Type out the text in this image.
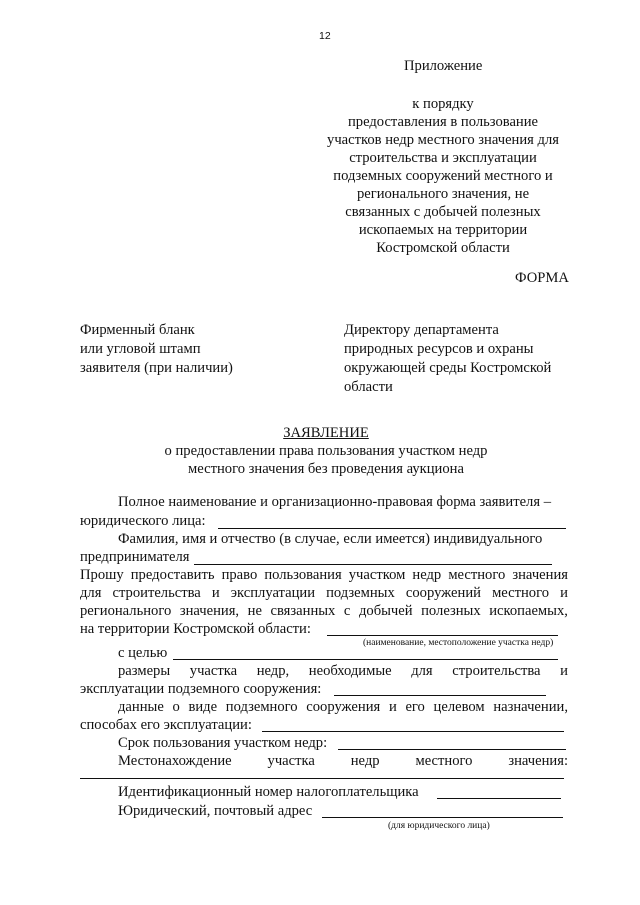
12
Приложение
к порядку
предоставления в пользование
участков недр местного значения для
строительства и эксплуатации
подземных сооружений местного и
регионального значения, не
связанных с добычей полезных
ископаемых на территории
Костромской области
ФОРМА
Фирменный бланк
или угловой штамп
заявителя (при наличии)
Директору департамента
природных ресурсов и охраны
окружающей среды Костромской
области
ЗАЯВЛЕНИЕ
о предоставлении права пользования участком недр
местного значения без проведения аукциона
Полное наименование и организационно-правовая форма заявителя –
юридического лица:
Фамилия, имя и отчество (в случае, если имеется) индивидуального
предпринимателя
Прошу предоставить право пользования участком недр местного значения
для строительства и эксплуатации подземных сооружений местного и
регионального значения, не связанных с добычей полезных ископаемых,
на территории Костромской области:
(наименование, местоположение участка недр)
с целью
размеры участка недр, необходимые для строительства и
эксплуатации подземного сооружения:
данные о виде подземного сооружения и его целевом назначении,
способах его эксплуатации:
Срок пользования участком недр:
Местонахождение участка недр местного значения:
Идентификационный номер налогоплательщика
Юридический, почтовый адрес
(для юридического лица)
